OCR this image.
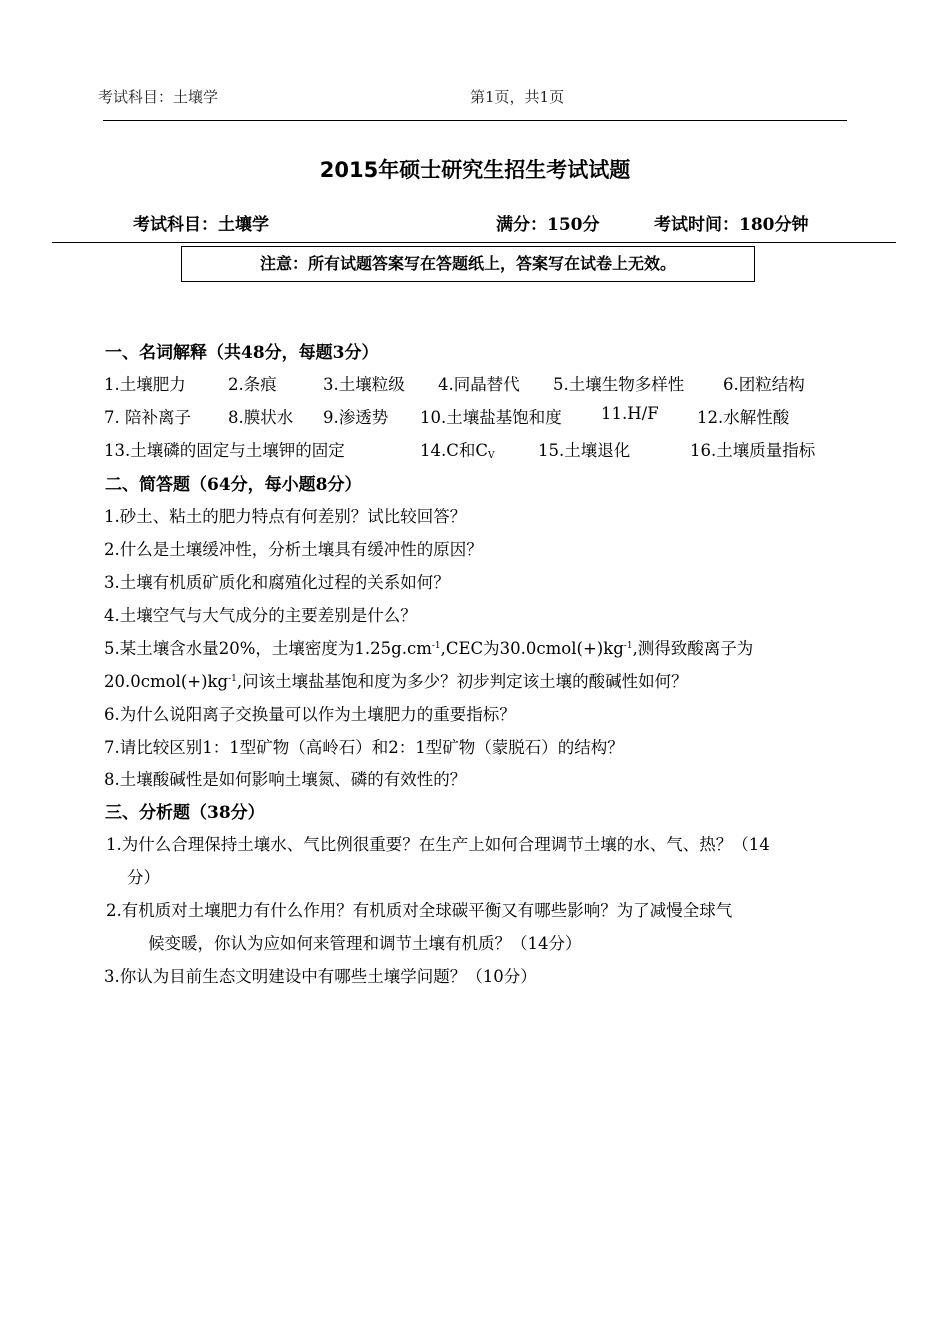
考试科目：土壤学	第1页，共1页
2015年硕士研究生招生考试试题
考试科目：土壤学	满分：150分	考试时间：180分钟
注意：所有试题答案写在答题纸上，答案写在试卷上无效。
一、名词解释（共48分，每题3分）
1.土壤肥力	2.条痕	3.土壤粒级 4.同晶替代 5.土壤生物多样性 6.团粒结构
7. 陪补离子 8.膜状水 9.渗透势 10.土壤盐基饱和度 11.H/F 12.水解性酸
13.土壤磷的固定与土壤钾的固定	14.C和$C_V$	15.土壤退化	16.土壤质量指标
二、简答题（64分，每小题8分）
1.砂土、粘土的肥力特点有何差别？试比较回答？
2.什么是土壤缓冲性，分析土壤具有缓冲性的原因？
3.土壤有机质矿质化和腐殖化过程的关系如何？
4.土壤空气与大气成分的主要差别是什么？
5.某土壤含水量20%，土壤密度为$1.25g.cm^{-1},CEC$为$30.0cmol(+)kg^{-1}$,测得致酸离子为
$20.0cmol(+)kg^{-1}$,问该土壤盐基饱和度为多少？初步判定该土壤的酸碱性如何？
6.为什么说阳离子交换量可以作为土壤肥力的重要指标？
7.请比较区别1：1型矿物（高岭石）和2：1型矿物（蒙脱石）的结构？
8.土壤酸碱性是如何影响土壤氮、磷的有效性的？
三、分析题（38分）
1.为什么合理保持土壤水、气比例很重要？在生产上如何合理调节土壤的水、气、热？（14
分）
2.有机质对土壤肥力有什么作用？有机质对全球碳平衡又有哪些影响？为了减慢全球气
候变暖，你认为应如何来管理和调节土壤有机质？（14分）
3.你认为目前生态文明建设中有哪些土壤学问题？（10分）
